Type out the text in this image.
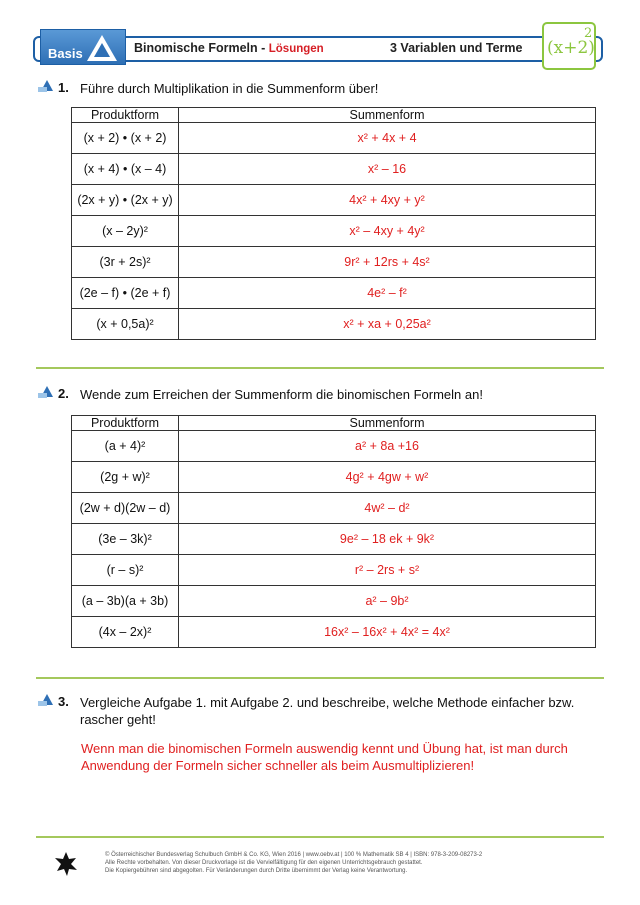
Basis	Binomische Formeln - Lösungen	3 Variablen und Terme (x+2)
2
1. Führe durch Multiplikation in die Summenform über!
Produktform	Summenform
(x + 2) • (x + 2)	x² + 4x + 4
(x + 4) • (x – 4)	x² – 16
(2x + y) • (2x + y)	4x² + 4xy + y²
(x – 2y)²	x² – 4xy + 4y²
(3r + 2s)²	9r² + 12rs + 4s²
(2e – f) • (2e + f)	4e² – f²
(x + 0,5a)²	x² + xa + 0,25a²
2. Wende zum Erreichen der Summenform die binomischen Formeln an!
Produktform	Summenform
(a + 4)²	a² + 8a +16
(2g + w)²	4g² + 4gw + w²
(2w + d)(2w – d)	4w² – d²
(3e – 3k)²	9e² – 18 ek + 9k²
(r – s)²	r² – 2rs + s²
(a – 3b)(a + 3b)	a² – 9b²
(4x – 2x)²	16x² – 16x² + 4x² = 4x²
3. Vergleiche Aufgabe 1. mit Aufgabe 2. und beschreibe, welche Methode einfacher bzw.
rascher geht!
Wenn man die binomischen Formeln auswendig kennt und Übung hat, ist man durch
Anwendung der Formeln sicher schneller als beim Ausmultiplizieren!
© Österreichischer Bundesverlag Schulbuch GmbH & Co. KG, Wien 2016 | www.oebv.at | 100 % Mathematik SB 4 | ISBN: 978-3-209-08273-2
Alle Rechte vorbehalten. Von dieser Druckvorlage ist die Vervielfältigung für den eigenen Unterrichtsgebrauch gestattet.
Die Kopiergebühren sind abgegolten. Für Veränderungen durch Dritte übernimmt der Verlag keine Verantwortung.
